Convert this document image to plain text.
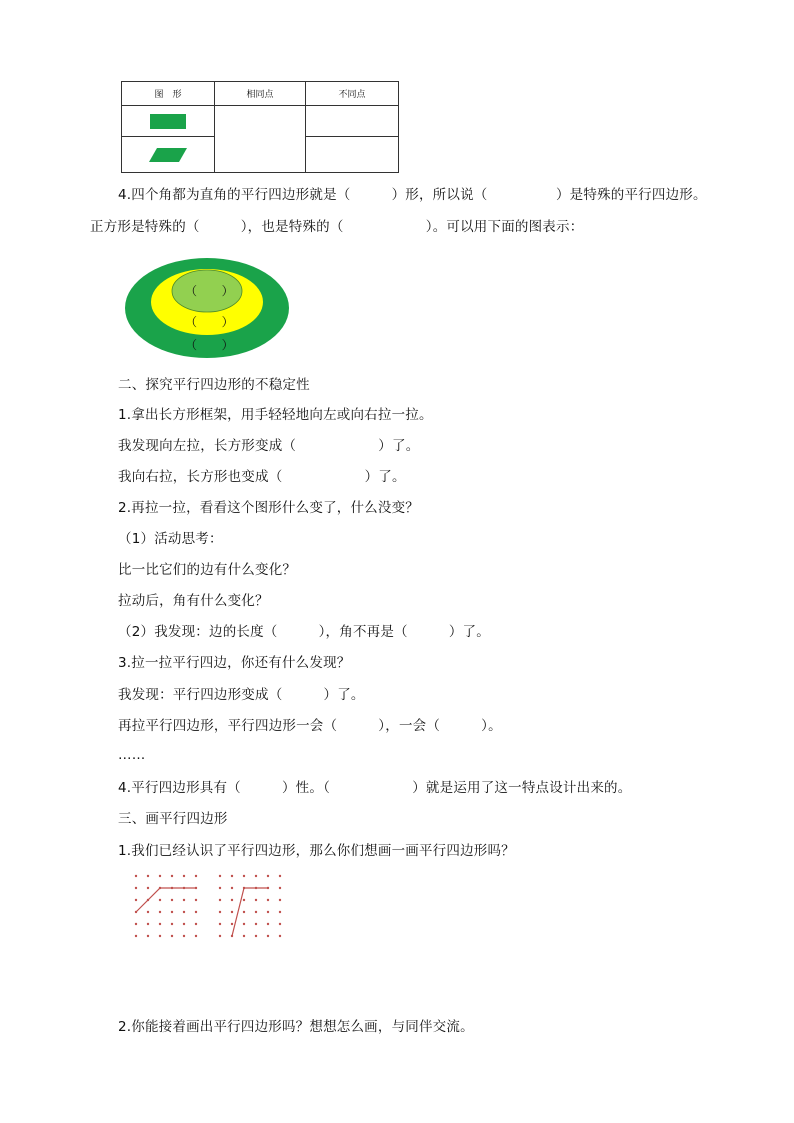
图　形	相同点	不同点

4.四个角都为直角的平行四边形就是（　　　）形，所以说（　　　　　）是特殊的平行四边形。
正方形是特殊的（　　　），也是特殊的（　　　　　　）。可以用下面的图表示：
（　　）
（　　）
（　　）
二、探究平行四边形的不稳定性
1.拿出长方形框架，用手轻轻地向左或向右拉一拉。
我发现向左拉，长方形变成（　　　　　　）了。
我向右拉，长方形也变成（　　　　　　）了。
2.再拉一拉，看看这个图形什么变了，什么没变？
（1）活动思考：
比一比它们的边有什么变化？
拉动后，角有什么变化？
（2）我发现：边的长度（　　　），角不再是（　　　）了。
3.拉一拉平行四边，你还有什么发现？
我发现：平行四边形变成（　　　）了。
再拉平行四边形，平行四边形一会（　　　），一会（　　　）。
……
4.平行四边形具有（　　　）性。（　　　　　　）就是运用了这一特点设计出来的。
三、画平行四边形
1.我们已经认识了平行四边形，那么你们想画一画平行四边形吗？
2.你能接着画出平行四边形吗？想想怎么画，与同伴交流。
